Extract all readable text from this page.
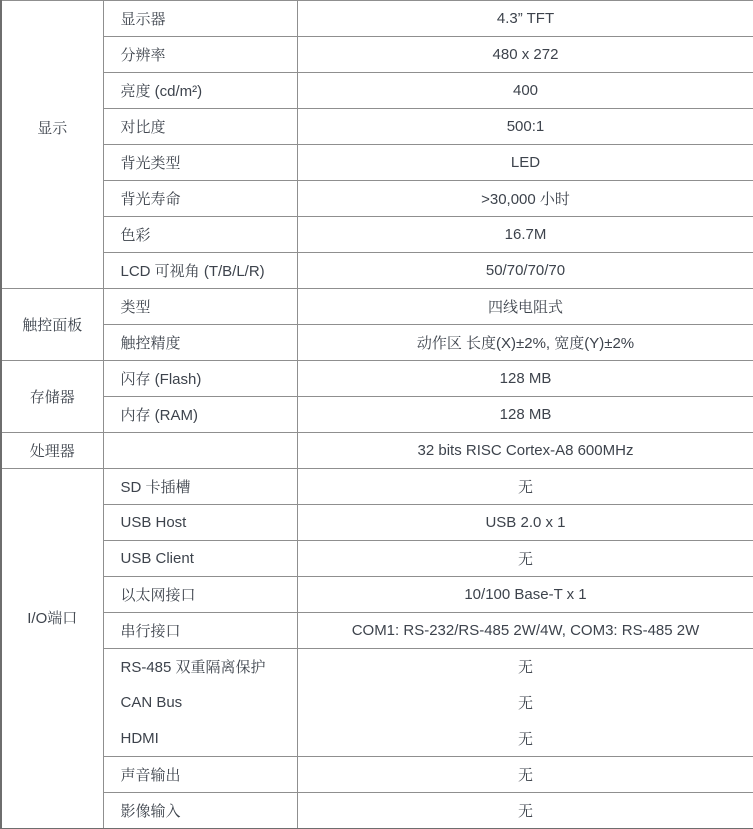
显示	显示器	4.3” TFT
	分辨率	480 x 272
	亮度 (cd/m²)	400
	对比度	500:1
	背光类型	LED
	背光寿命	>30,000 小时
	色彩	16.7M
	LCD 可视角 (T/B/L/R)	50/70/70/70
触控面板	类型	四线电阻式
	触控精度	动作区 长度(X)±2%, 宽度(Y)±2%
存储器	闪存 (Flash)	128 MB
	内存 (RAM)	128 MB
处理器		32 bits RISC Cortex-A8 600MHz
I/O端口	SD 卡插槽	无
	USB Host	USB 2.0 x 1
	USB Client	无
	以太网接口	10/100 Base-T x 1
	串行接口	COM1: RS-232/RS-485 2W/4W, COM3: RS-485 2W
	RS-485 双重隔离保护	无
	CAN Bus	无
	HDMI	无
	声音输出	无
	影像输入	无
